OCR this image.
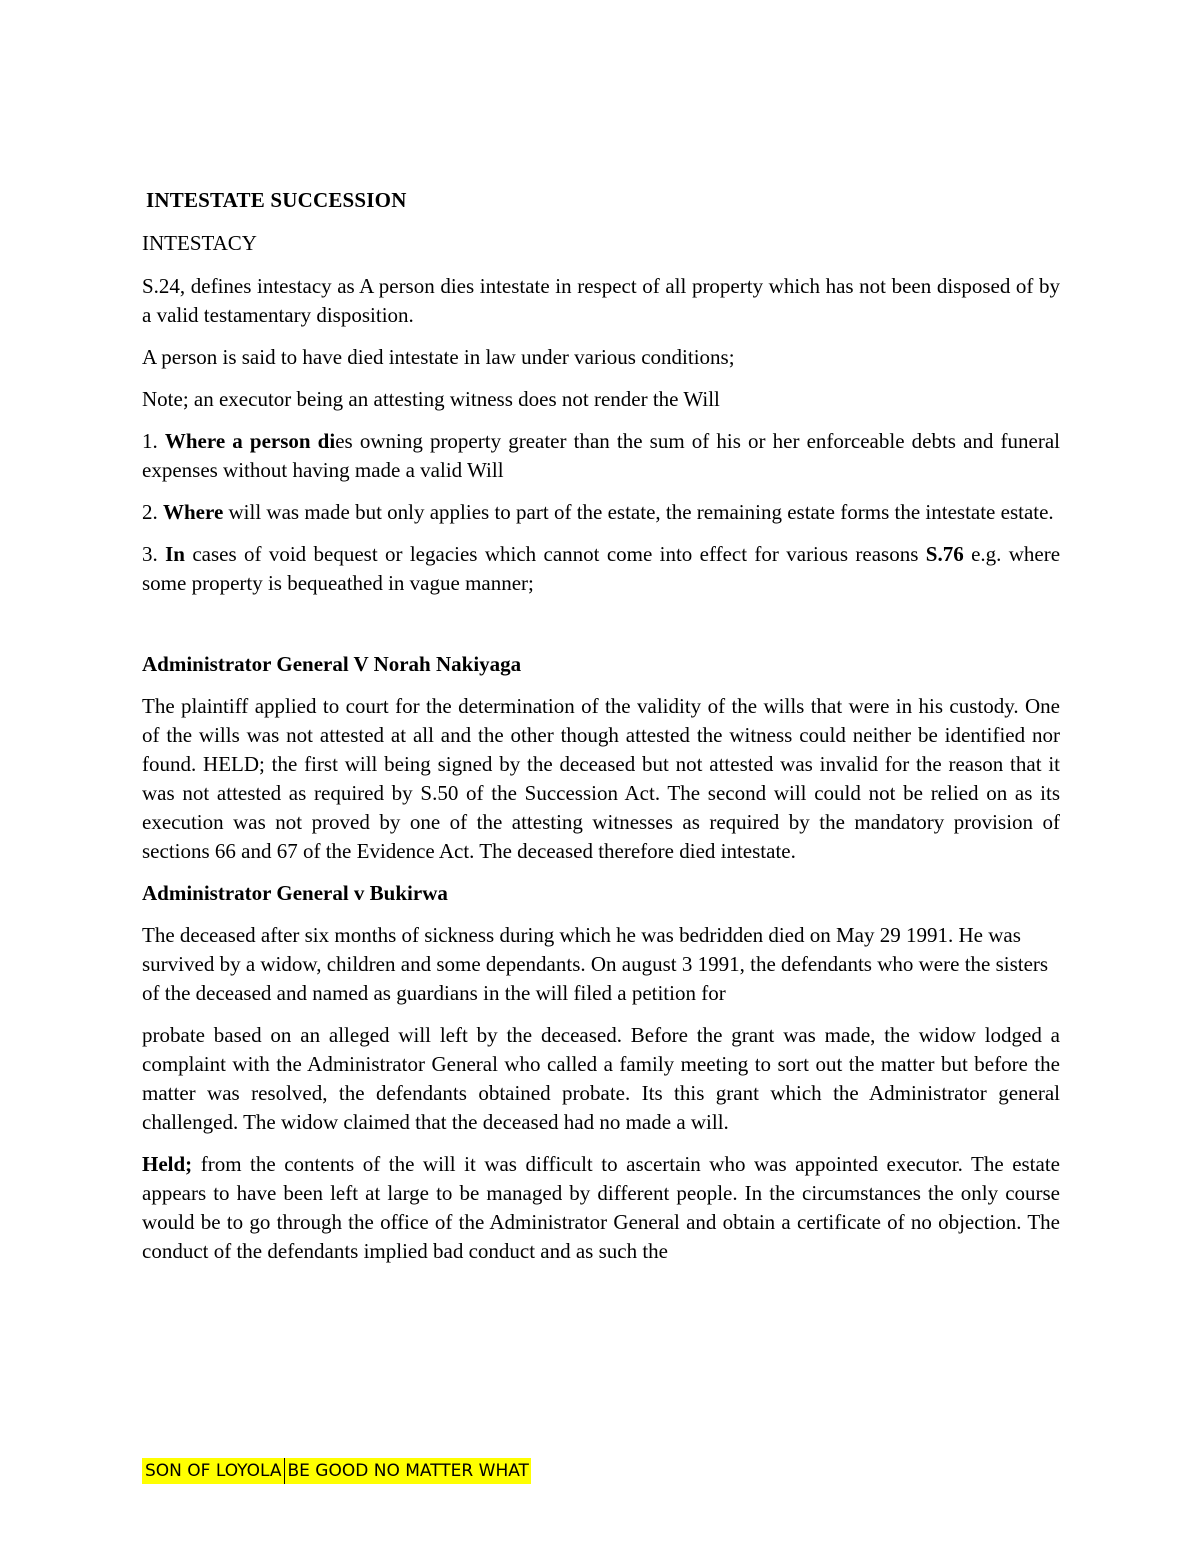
INTESTATE SUCCESSION
INTESTACY

S.24, defines intestacy as A person dies intestate in respect of all property which has not been disposed of by a valid testamentary disposition.

A person is said to have died intestate in law under various conditions;

Note; an executor being an attesting witness does not render the Will

1. Where a person dies owning property greater than the sum of his or her enforceable debts and funeral expenses without having made a valid Will

2. Where will was made but only applies to part of the estate, the remaining estate forms the intestate estate.

3. In cases of void bequest or legacies which cannot come into effect for various reasons S.76 e.g. where some property is bequeathed in vague manner;

Administrator General V Norah Nakiyaga

The plaintiff applied to court for the determination of the validity of the wills that were in his custody. One of the wills was not attested at all and the other though attested the witness could neither be identified nor found. HELD; the first will being signed by the deceased but not attested was invalid for the reason that it was not attested as required by S.50 of the Succession Act. The second will could not be relied on as its execution was not proved by one of the attesting witnesses as required by the mandatory provision of sections 66 and 67 of the Evidence Act. The deceased therefore died intestate.

Administrator General v Bukirwa

The deceased after six months of sickness during which he was bedridden died on May 29 1991. He was survived by a widow, children and some dependants. On august 3 1991, the defendants who were the sisters of the deceased and named as guardians in the will filed a petition for

probate based on an alleged will left by the deceased. Before the grant was made, the widow lodged a complaint with the Administrator General who called a family meeting to sort out the matter but before the matter was resolved, the defendants obtained probate. Its this grant which the Administrator general challenged. The widow claimed that the deceased had no made a will.

Held; from the contents of the will it was difficult to ascertain who was appointed executor. The estate appears to have been left at large to be managed by different people. In the circumstances the only course would be to go through the office of the Administrator General and obtain a certificate of no objection. The conduct of the defendants implied bad conduct and as such the

SON OF LOYOLA BE GOOD NO MATTER WHAT
